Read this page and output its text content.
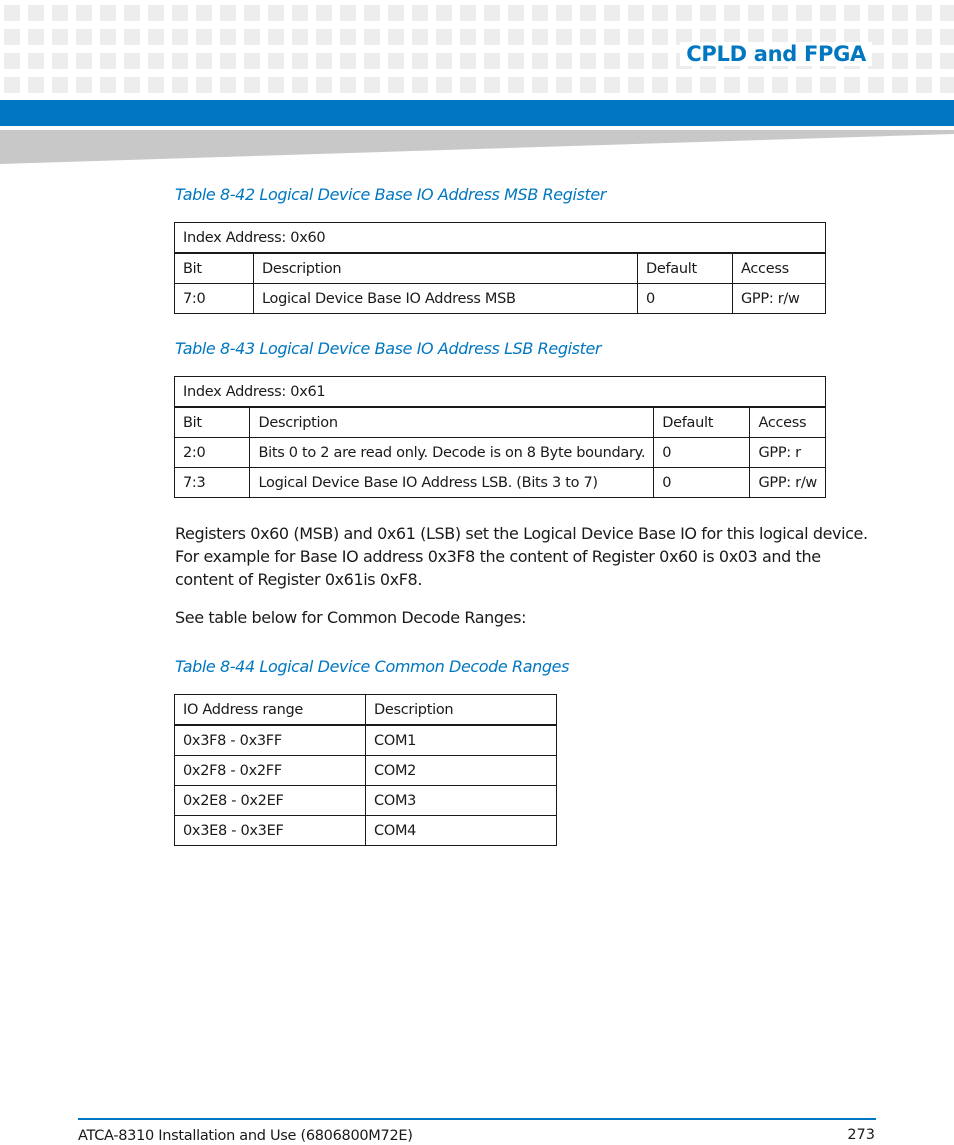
CPLD and FPGA
Table 8-42 Logical Device Base IO Address MSB Register
Index Address: 0x60			
Bit	Description	Default	Access
7:0	Logical Device Base IO Address MSB	0	GPP: r/w
Table 8-43 Logical Device Base IO Address LSB Register
Index Address: 0x61			
Bit	Description	Default	Access
2:0	Bits 0 to 2 are read only. Decode is on 8 Byte boundary.	0	GPP: r
7:3	Logical Device Base IO Address LSB. (Bits 3 to 7)	0	GPP: r/w
Registers 0x60 (MSB) and 0x61 (LSB) set the Logical Device Base IO for this logical device. For example for Base IO address 0x3F8 the content of Register 0x60 is 0x03 and the content of Register 0x61is 0xF8.
See table below for Common Decode Ranges:
Table 8-44 Logical Device Common Decode Ranges
IO Address range	Description
0x3F8 - 0x3FF	COM1
0x2F8 - 0x2FF	COM2
0x2E8 - 0x2EF	COM3
0x3E8 - 0x3EF	COM4
ATCA-8310 Installation and Use (6806800M72E)	273
